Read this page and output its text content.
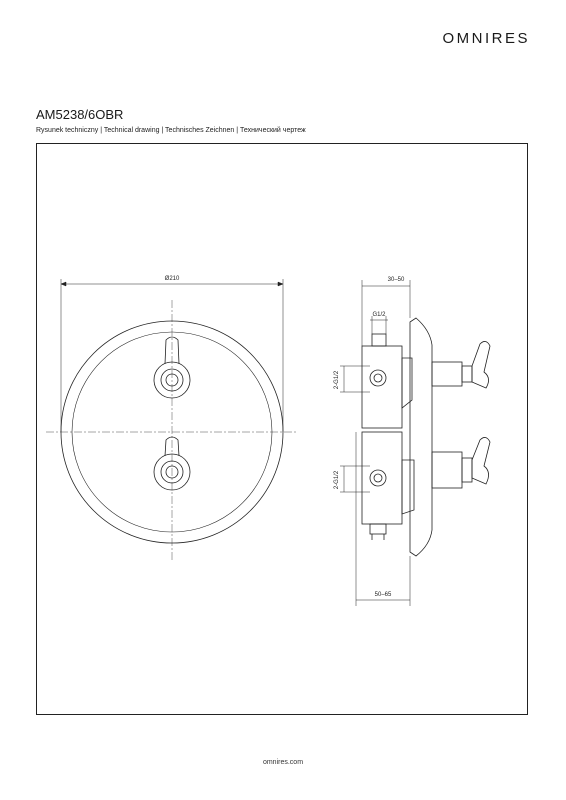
OMNIRES
AM5238/6OBR
Rysunek techniczny | Technical drawing | Technisches Zeichnen | Технический чертеж
Ø210	30–50
G1/2
2-G1/2
2-G1/2
50–65
omnires.com
